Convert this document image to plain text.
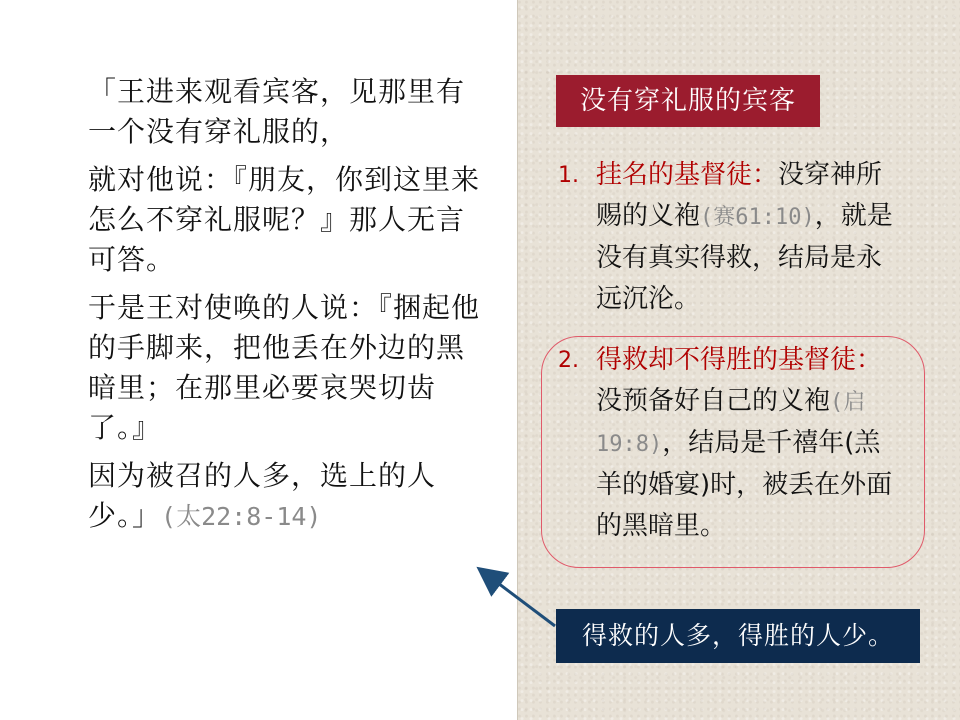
「王进来观看宾客，见那里有一个没有穿礼服的，

就对他说：『朋友，你到这里来怎么不穿礼服呢？』那人无言可答。

于是王对使唤的人说：『捆起他的手脚来，把他丢在外边的黑暗里；在那里必要哀哭切齿了。』

因为被召的人多，选上的人少。」(太22:8-14)

没有穿礼服的宾客
1. 挂名的基督徒：没穿神所赐的义袍(赛61:10)，就是没有真实得救，结局是永远沉沦。
2. 得救却不得胜的基督徒：没预备好自己的义袍(启19:8)，结局是千禧年(羔羊的婚宴)时，被丢在外面的黑暗里。
得救的人多，得胜的人少。
